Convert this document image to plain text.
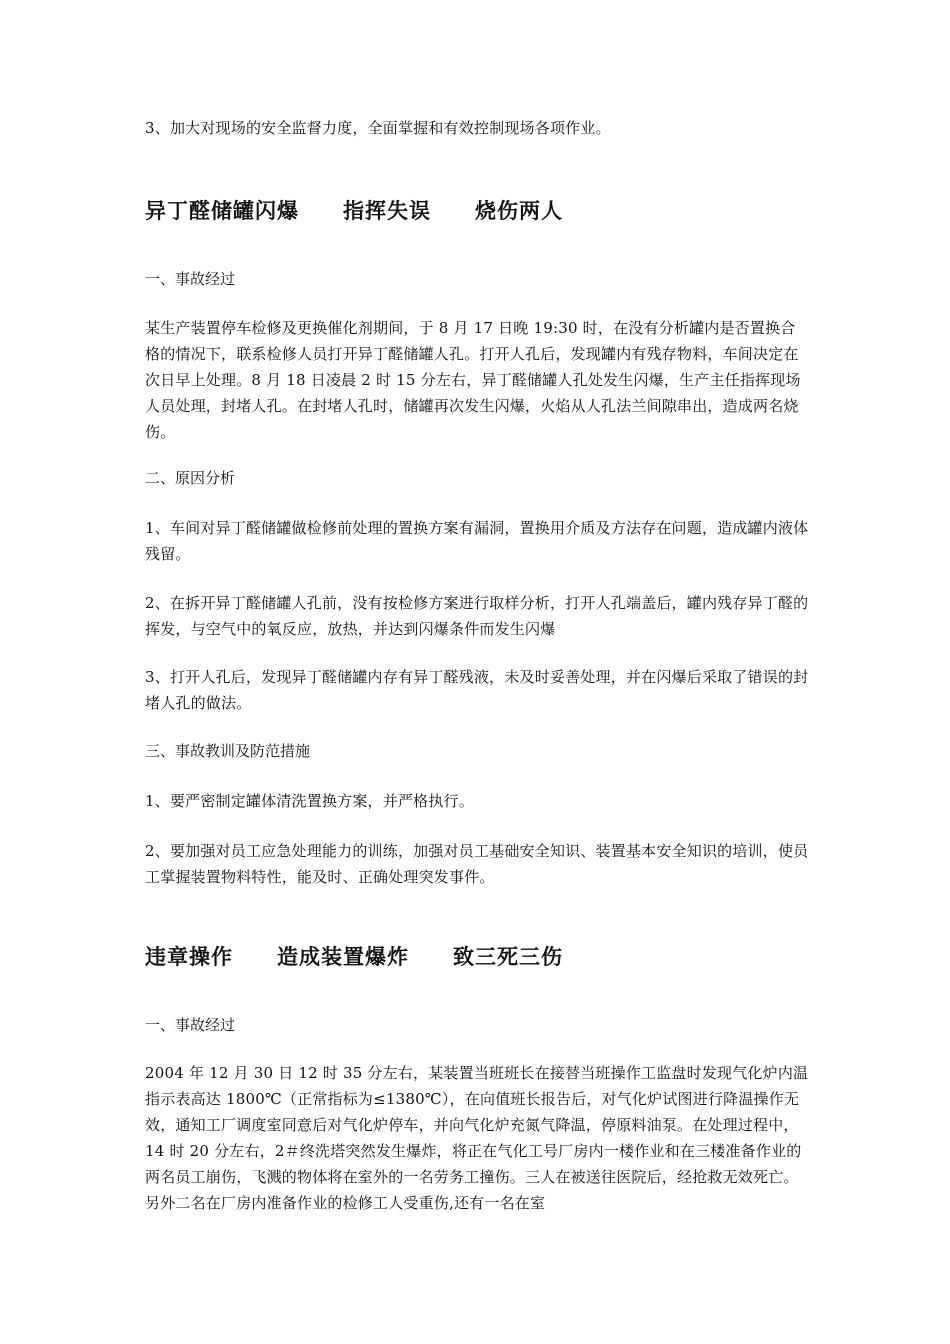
3、加大对现场的安全监督力度，全面掌握和有效控制现场各项作业。

异丁醛储罐闪爆　　指挥失误　　烧伤两人

一、事故经过

某生产装置停车检修及更换催化剂期间，于 8 月 17 日晚 19:30 时，在没有分析罐内是否置换合格的情况下，联系检修人员打开异丁醛储罐人孔。打开人孔后，发现罐内有残存物料，车间决定在次日早上处理。8 月 18 日凌晨 2 时 15 分左右，异丁醛储罐人孔处发生闪爆，生产主任指挥现场人员处理，封堵人孔。在封堵人孔时，储罐再次发生闪爆，火焰从人孔法兰间隙串出，造成两名烧伤。

二、原因分析

1、车间对异丁醛储罐做检修前处理的置换方案有漏洞，置换用介质及方法存在问题，造成罐内液体残留。

2、在拆开异丁醛储罐人孔前，没有按检修方案进行取样分析，打开人孔端盖后，罐内残存异丁醛的挥发，与空气中的氧反应，放热，并达到闪爆条件而发生闪爆

3、打开人孔后，发现异丁醛储罐内存有异丁醛残液，未及时妥善处理，并在闪爆后采取了错误的封堵人孔的做法。

三、事故教训及防范措施

1、要严密制定罐体清洗置换方案，并严格执行。

2、要加强对员工应急处理能力的训练，加强对员工基础安全知识、装置基本安全知识的培训，使员工掌握装置物料特性，能及时、正确处理突发事件。

违章操作　　造成装置爆炸　　致三死三伤

一、事故经过

2004 年 12 月 30 日 12 时 35 分左右，某装置当班班长在接替当班操作工监盘时发现气化炉内温指示表高达 1800℃（正常指标为≤1380℃），在向值班长报告后，对气化炉试图进行降温操作无效，通知工厂调度室同意后对气化炉停车，并向气化炉充氮气降温，停原料油泵。在处理过程中，14 时 20 分左右，2＃终洗塔突然发生爆炸，将正在气化工号厂房内一楼作业和在三楼准备作业的两名员工崩伤，飞溅的物体将在室外的一名劳务工撞伤。三人在被送往医院后，经抢救无效死亡。另外二名在厂房内准备作业的检修工人受重伤,还有一名在室
